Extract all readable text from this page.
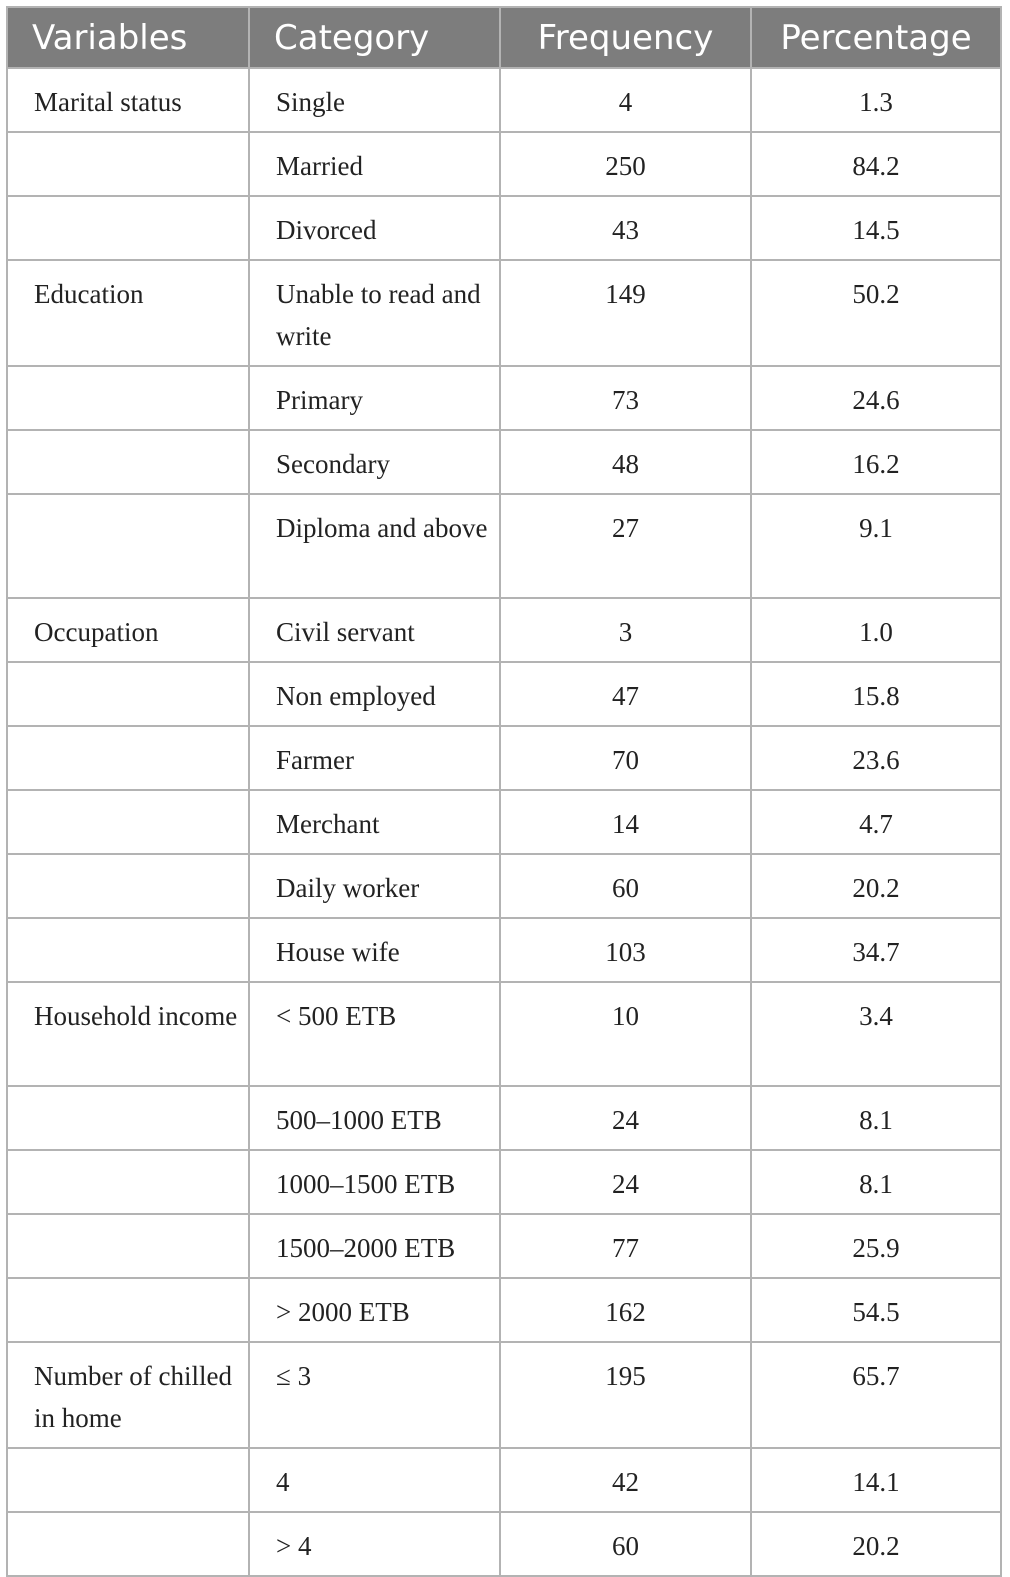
Variables	Category	Frequency	Percentage
Marital status	Single	4	1.3
	Married	250	84.2
	Divorced	43	14.5
Education	Unable to read and write	149	50.2
	Primary	73	24.6
	Secondary	48	16.2
	Diploma and above	27	9.1
Occupation	Civil servant	3	1.0
	Non employed	47	15.8
	Farmer	70	23.6
	Merchant	14	4.7
	Daily worker	60	20.2
	House wife	103	34.7
Household income	< 500 ETB	10	3.4
	500–1000 ETB	24	8.1
	1000–1500 ETB	24	8.1
	1500–2000 ETB	77	25.9
	> 2000 ETB	162	54.5
Number of chilled in home	≤ 3	195	65.7
	4	42	14.1
	> 4	60	20.2
